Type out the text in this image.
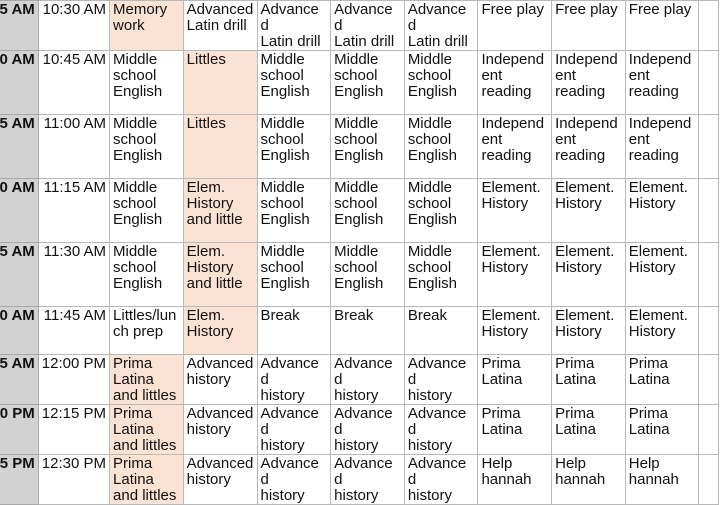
5 AM	10:30 AM	Memory
work	Advanced
Latin drill	Advanced
Latin drill	Advanced
Latin drill	Advanced
Latin drill	Free play	Free play	Free play	
0 AM	10:45 AM	Middle
school
English	Littles	Middle
school
English	Middle
school
English	Middle
school
English	Independ
ent
reading	Independ
ent
reading	Independ
ent
reading	
5 AM	11:00 AM	Middle
school
English	Littles	Middle
school
English	Middle
school
English	Middle
school
English	Independ
ent
reading	Independ
ent
reading	Independ
ent
reading	
0 AM	11:15 AM	Middle
school
English	Elem.
History
and little	Middle
school
English	Middle
school
English	Middle
school
English	Element.
History	Element.
History	Element.
History	
5 AM	11:30 AM	Middle
school
English	Elem.
History
and little	Middle
school
English	Middle
school
English	Middle
school
English	Element.
History	Element.
History	Element.
History	
0 AM	11:45 AM	Littles/lun
ch prep	Elem.
History	Break	Break	Break	Element.
History	Element.
History	Element.
History	
5 AM	12:00 PM	Prima
Latina
and littles	Advanced
history	Advanced
history	Advanced
history	Advanced
history	Prima
Latina	Prima
Latina	Prima
Latina	
0 PM	12:15 PM	Prima
Latina
and littles	Advanced
history	Advanced
history	Advanced
history	Advanced
history	Prima
Latina	Prima
Latina	Prima
Latina	
5 PM	12:30 PM	Prima
Latina
and littles	Advanced
history	Advanced
history	Advanced
history	Advanced
history	Help
hannah	Help
hannah	Help
hannah	
